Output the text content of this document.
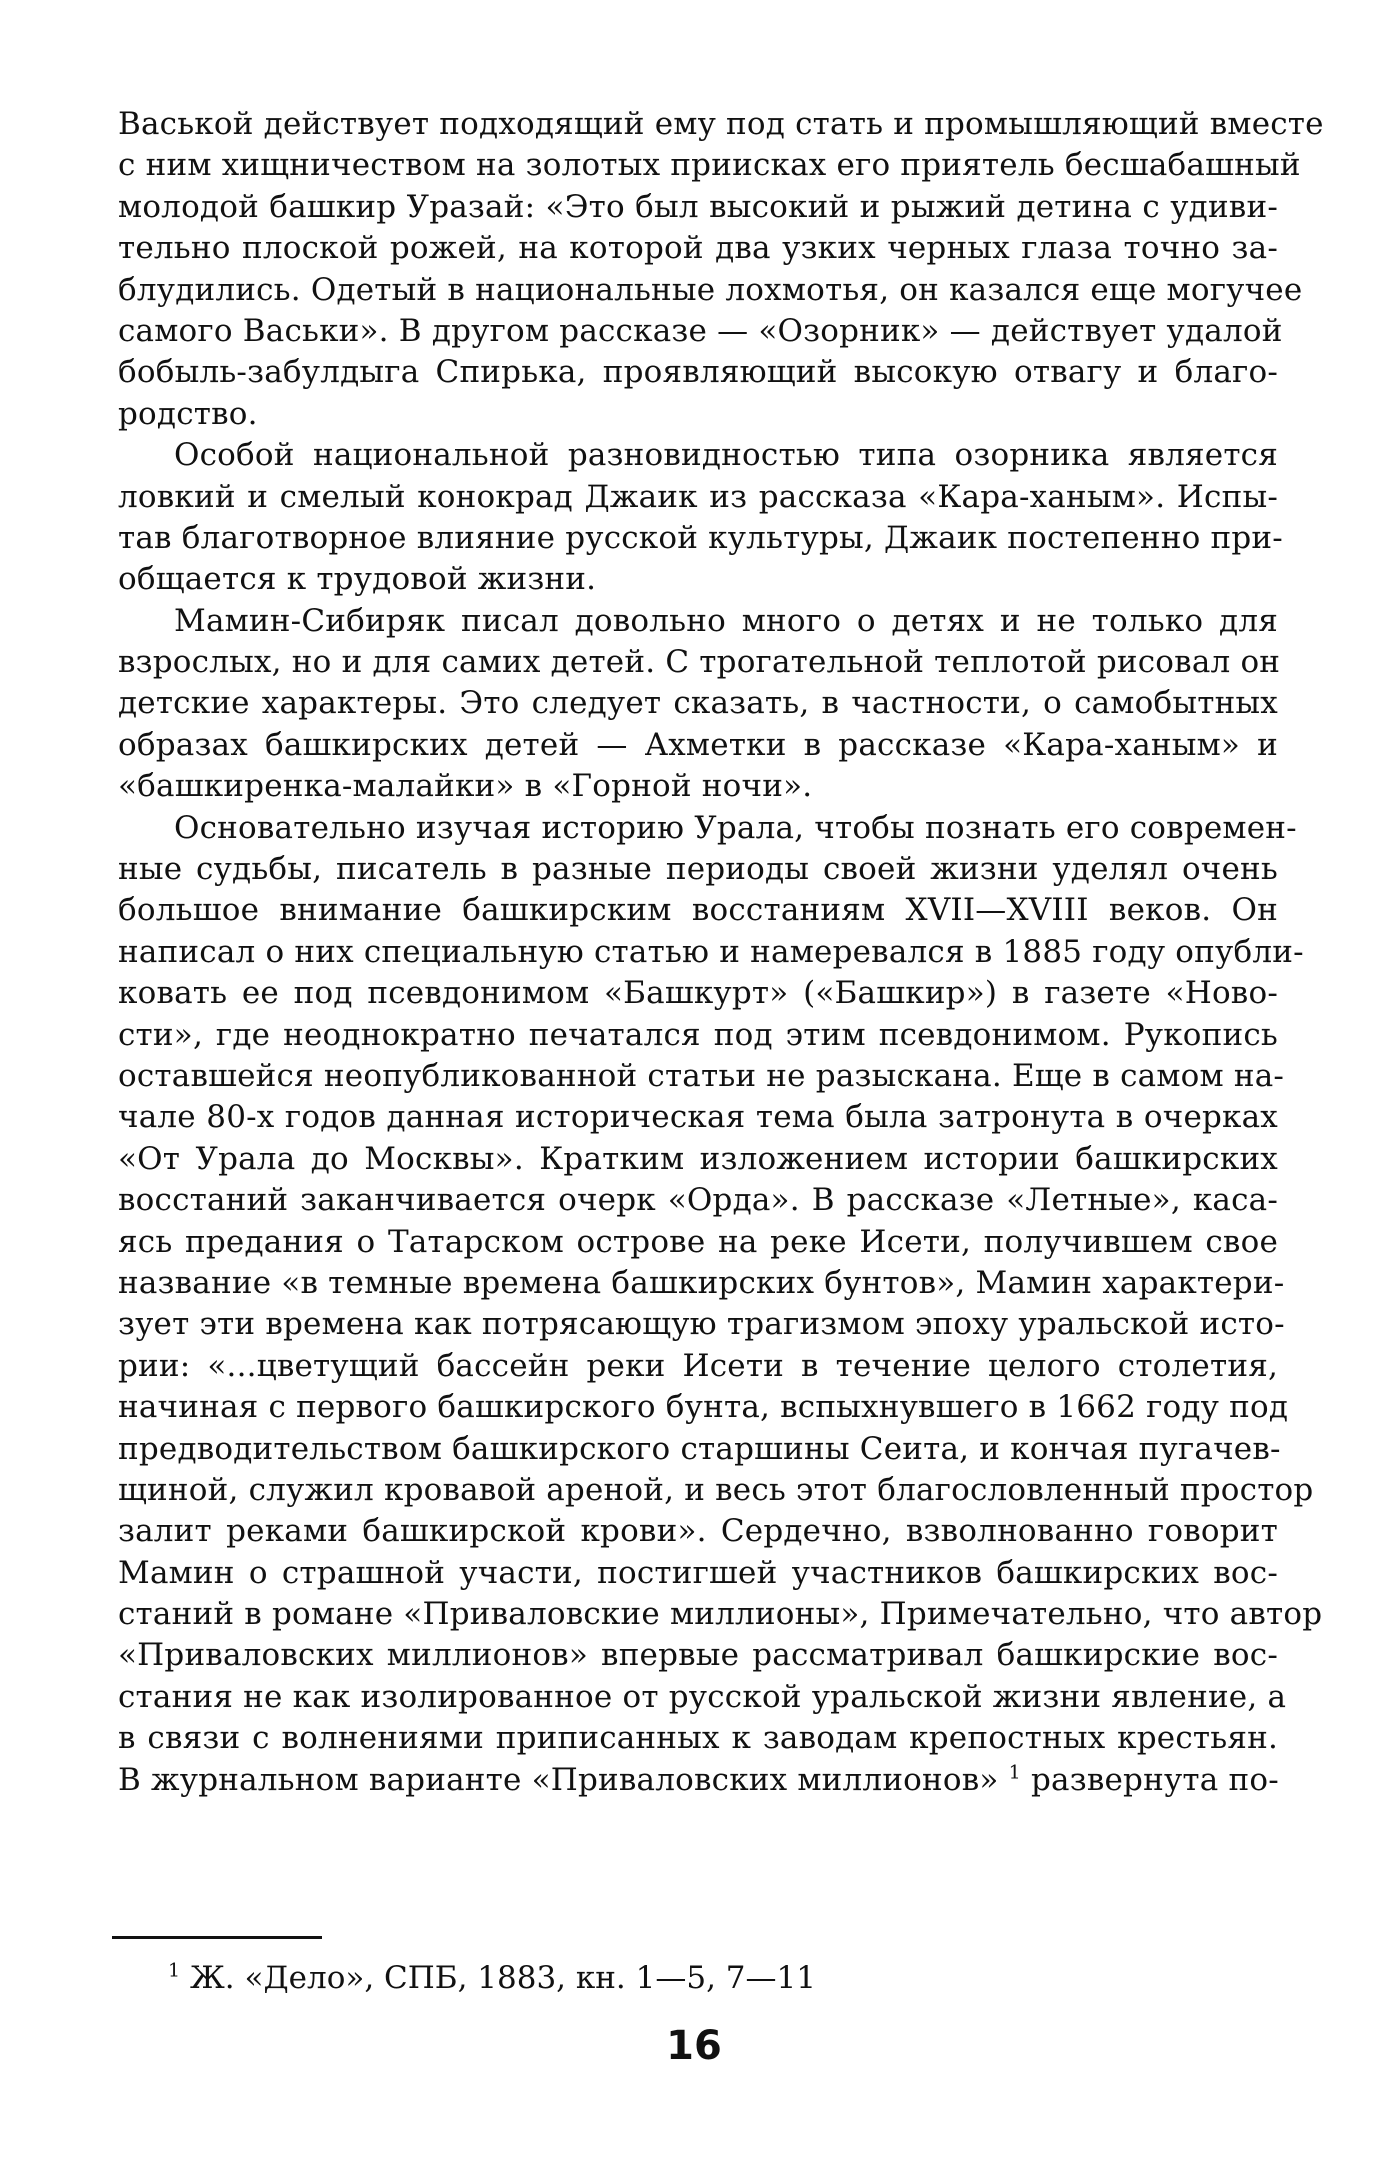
Васькой действует подходящий ему под стать и промышляющий вместе
с ним хищничеством на золотых приисках его приятель бесшабашный
молодой башкир Уразай: «Это был высокий и рыжий детина с удиви-
тельно плоской рожей, на которой два узких черных глаза точно за-
блудились. Одетый в национальные лохмотья, он казался еще могучее
самого Васьки». В другом рассказе — «Озорник» — действует удалой
бобыль-забулдыга Спирька, проявляющий высокую отвагу и благо-
родство.
Особой национальной разновидностью типа озорника является
ловкий и смелый конокрад Джаик из рассказа «Кара-ханым». Испы-
тав благотворное влияние русской культуры, Джаик постепенно при-
общается к трудовой жизни.
Мамин-Сибиряк писал довольно много о детях и не только для
взрослых, но и для самих детей. С трогательной теплотой рисовал он
детские характеры. Это следует сказать, в частности, о самобытных
образах башкирских детей — Ахметки в рассказе «Кара-ханым» и
«башкиренка-малайки» в «Горной ночи».
Основательно изучая историю Урала, чтобы познать его современ-
ные судьбы, писатель в разные периоды своей жизни уделял очень
большое внимание башкирским восстаниям XVII—XVIII веков. Он
написал о них специальную статью и намеревался в 1885 году опубли-
ковать ее под псевдонимом «Башкурт» («Башкир») в газете «Ново-
сти», где неоднократно печатался под этим псевдонимом. Рукопись
оставшейся неопубликованной статьи не разыскана. Еще в самом на-
чале 80-х годов данная историческая тема была затронута в очерках
«От Урала до Москвы». Кратким изложением истории башкирских
восстаний заканчивается очерк «Орда». В рассказе «Летные», каса-
ясь предания о Татарском острове на реке Исети, получившем свое
название «в темные времена башкирских бунтов», Мамин характери-
зует эти времена как потрясающую трагизмом эпоху уральской исто-
рии: «...цветущий бассейн реки Исети в течение целого столетия,
начиная с первого башкирского бунта, вспыхнувшего в 1662 году под
предводительством башкирского старшины Сеита, и кончая пугачев-
щиной, служил кровавой ареной, и весь этот благословленный простор
залит реками башкирской крови». Сердечно, взволнованно говорит
Мамин о страшной участи, постигшей участников башкирских вос-
станий в романе «Приваловские миллионы», Примечательно, что автор
«Приваловских миллионов» впервые рассматривал башкирские вос-
стания не как изолированное от русской уральской жизни явление, а
в связи с волнениями приписанных к заводам крепостных крестьян.
В журнальном варианте «Приваловских миллионов» $^1$ развернута по-
$^1$ Ж. «Дело», СПБ, 1883, кн. 1—5, 7—11
16
